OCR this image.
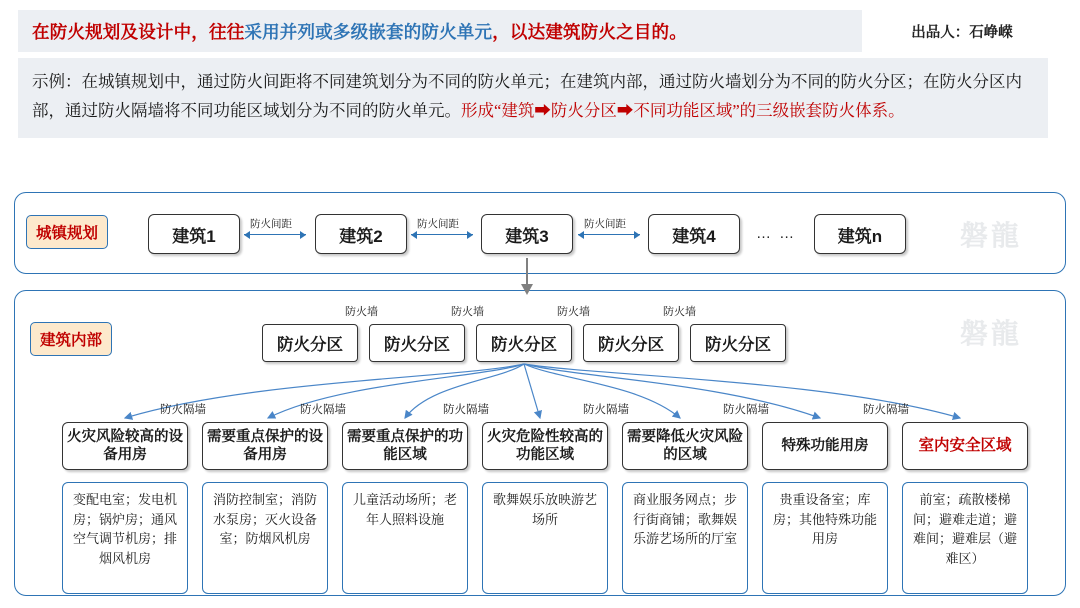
在防火规划及设计中，往往 采用并列或多级嵌套的防火单元 ，以达建筑防火之目的。	出品人：石峥嵘
示例：在城镇规划中，通过防火间距将不同建筑划分为不同的防火单元；在建筑内部，通过防火墙划分为不同的防火分区；在防火分区内部，通过防火隔墙将不同功能区域划分为不同的防火单元。形成“建筑➡防火分区➡不同功能区域”的三级嵌套防火体系。
城镇规划
建筑内部
磐龍
磐龍
防火间距	防火间距	防火间距
建筑1	建筑2	建筑3	建筑4	… …	建筑n
防火墙	防火墙	防火墙	防火墙
防火分区	防火分区	防火分区	防火分区	防火分区
防火隔墙	防火隔墙	防火隔墙	防火隔墙	防火隔墙	防火隔墙
火灾风险较高的设备用房
变配电室；发电机房；锅炉房；通风空气调节机房；排烟风机房
需要重点保护的设备用房
消防控制室；消防水泵房；灭火设备室；防烟风机房
需要重点保护的功能区域
儿童活动场所；老年人照料设施
火灾危险性较高的功能区域
歌舞娱乐放映游艺场所
需要降低火灾风险的区域
商业服务网点；步行街商铺；歌舞娱乐游艺场所的厅室
特殊功能用房
贵重设备室；库房；其他特殊功能用房
室内安全区域
前室；疏散楼梯间；避难走道；避难间；避难层（避难区）
